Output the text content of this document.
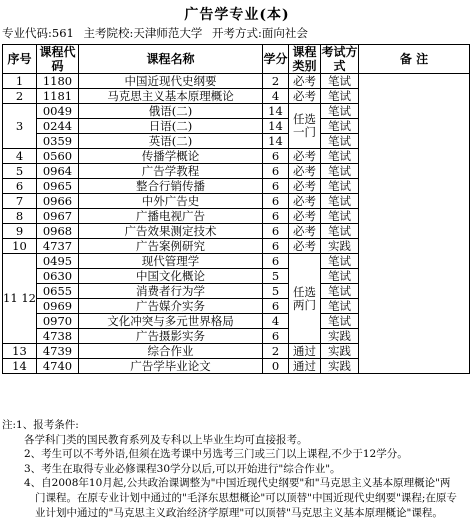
广告学专业(本)
专业代码:561 主考院校:天津师范大学 开考方式:面向社会
序号	课程代码	课程名称	学分	课程类别	考试方式	备 注
1	1180	中国近现代史纲要	2	必考	笔试	
2	1181	马克思主义基本原理概论	4	必考	笔试	
3	0049	俄语(二)	14	任选一门	笔试	
	0244	日语(二)	14		笔试	
	0359	英语(二)	14		笔试	
4	0560	传播学概论	6	必考	笔试	
5	0964	广告学教程	6	必考	笔试	
6	0965	整合行销传播	6	必考	笔试	
7	0966	中外广告史	6	必考	笔试	
8	0967	广播电视广告	6	必考	笔试	
9	0968	广告效果测定技术	6	必考	笔试	
10	4737	广告案例研究	6	必考	实践	
11 12	0495	现代管理学	6	任选两门	笔试	
	0630	中国文化概论	5		笔试	
	0655	消费者行为学	5		笔试	
	0969	广告媒介实务	6		笔试	
	0970	文化冲突与多元世界格局	4		笔试	
	4738	广告摄影实务	6		实践	
13	4739	综合作业	2	通过	实践	
14	4740	广告学毕业论文	0	通过	实践	
注:1、报考条件:
各学科门类的国民教育系列及专科以上毕业生均可直接报考。
2、考生可以不考外语,但须在选考课中另选考三门或三门以上课程,不少于12学分。
3、考生在取得专业必修课程30学分以后,可以开始进行"综合作业"。
4、自2008年10月起,公共政治课调整为"中国近现代史纲要"和"马克思主义基本原理概论"两
门课程。在原专业计划中通过的"毛泽东思想概论"可以顶替"中国近现代史纲要"课程;在原专
业计划中通过的"马克思主义政治经济学原理"可以顶替"马克思主义基本原理概论"课程。
